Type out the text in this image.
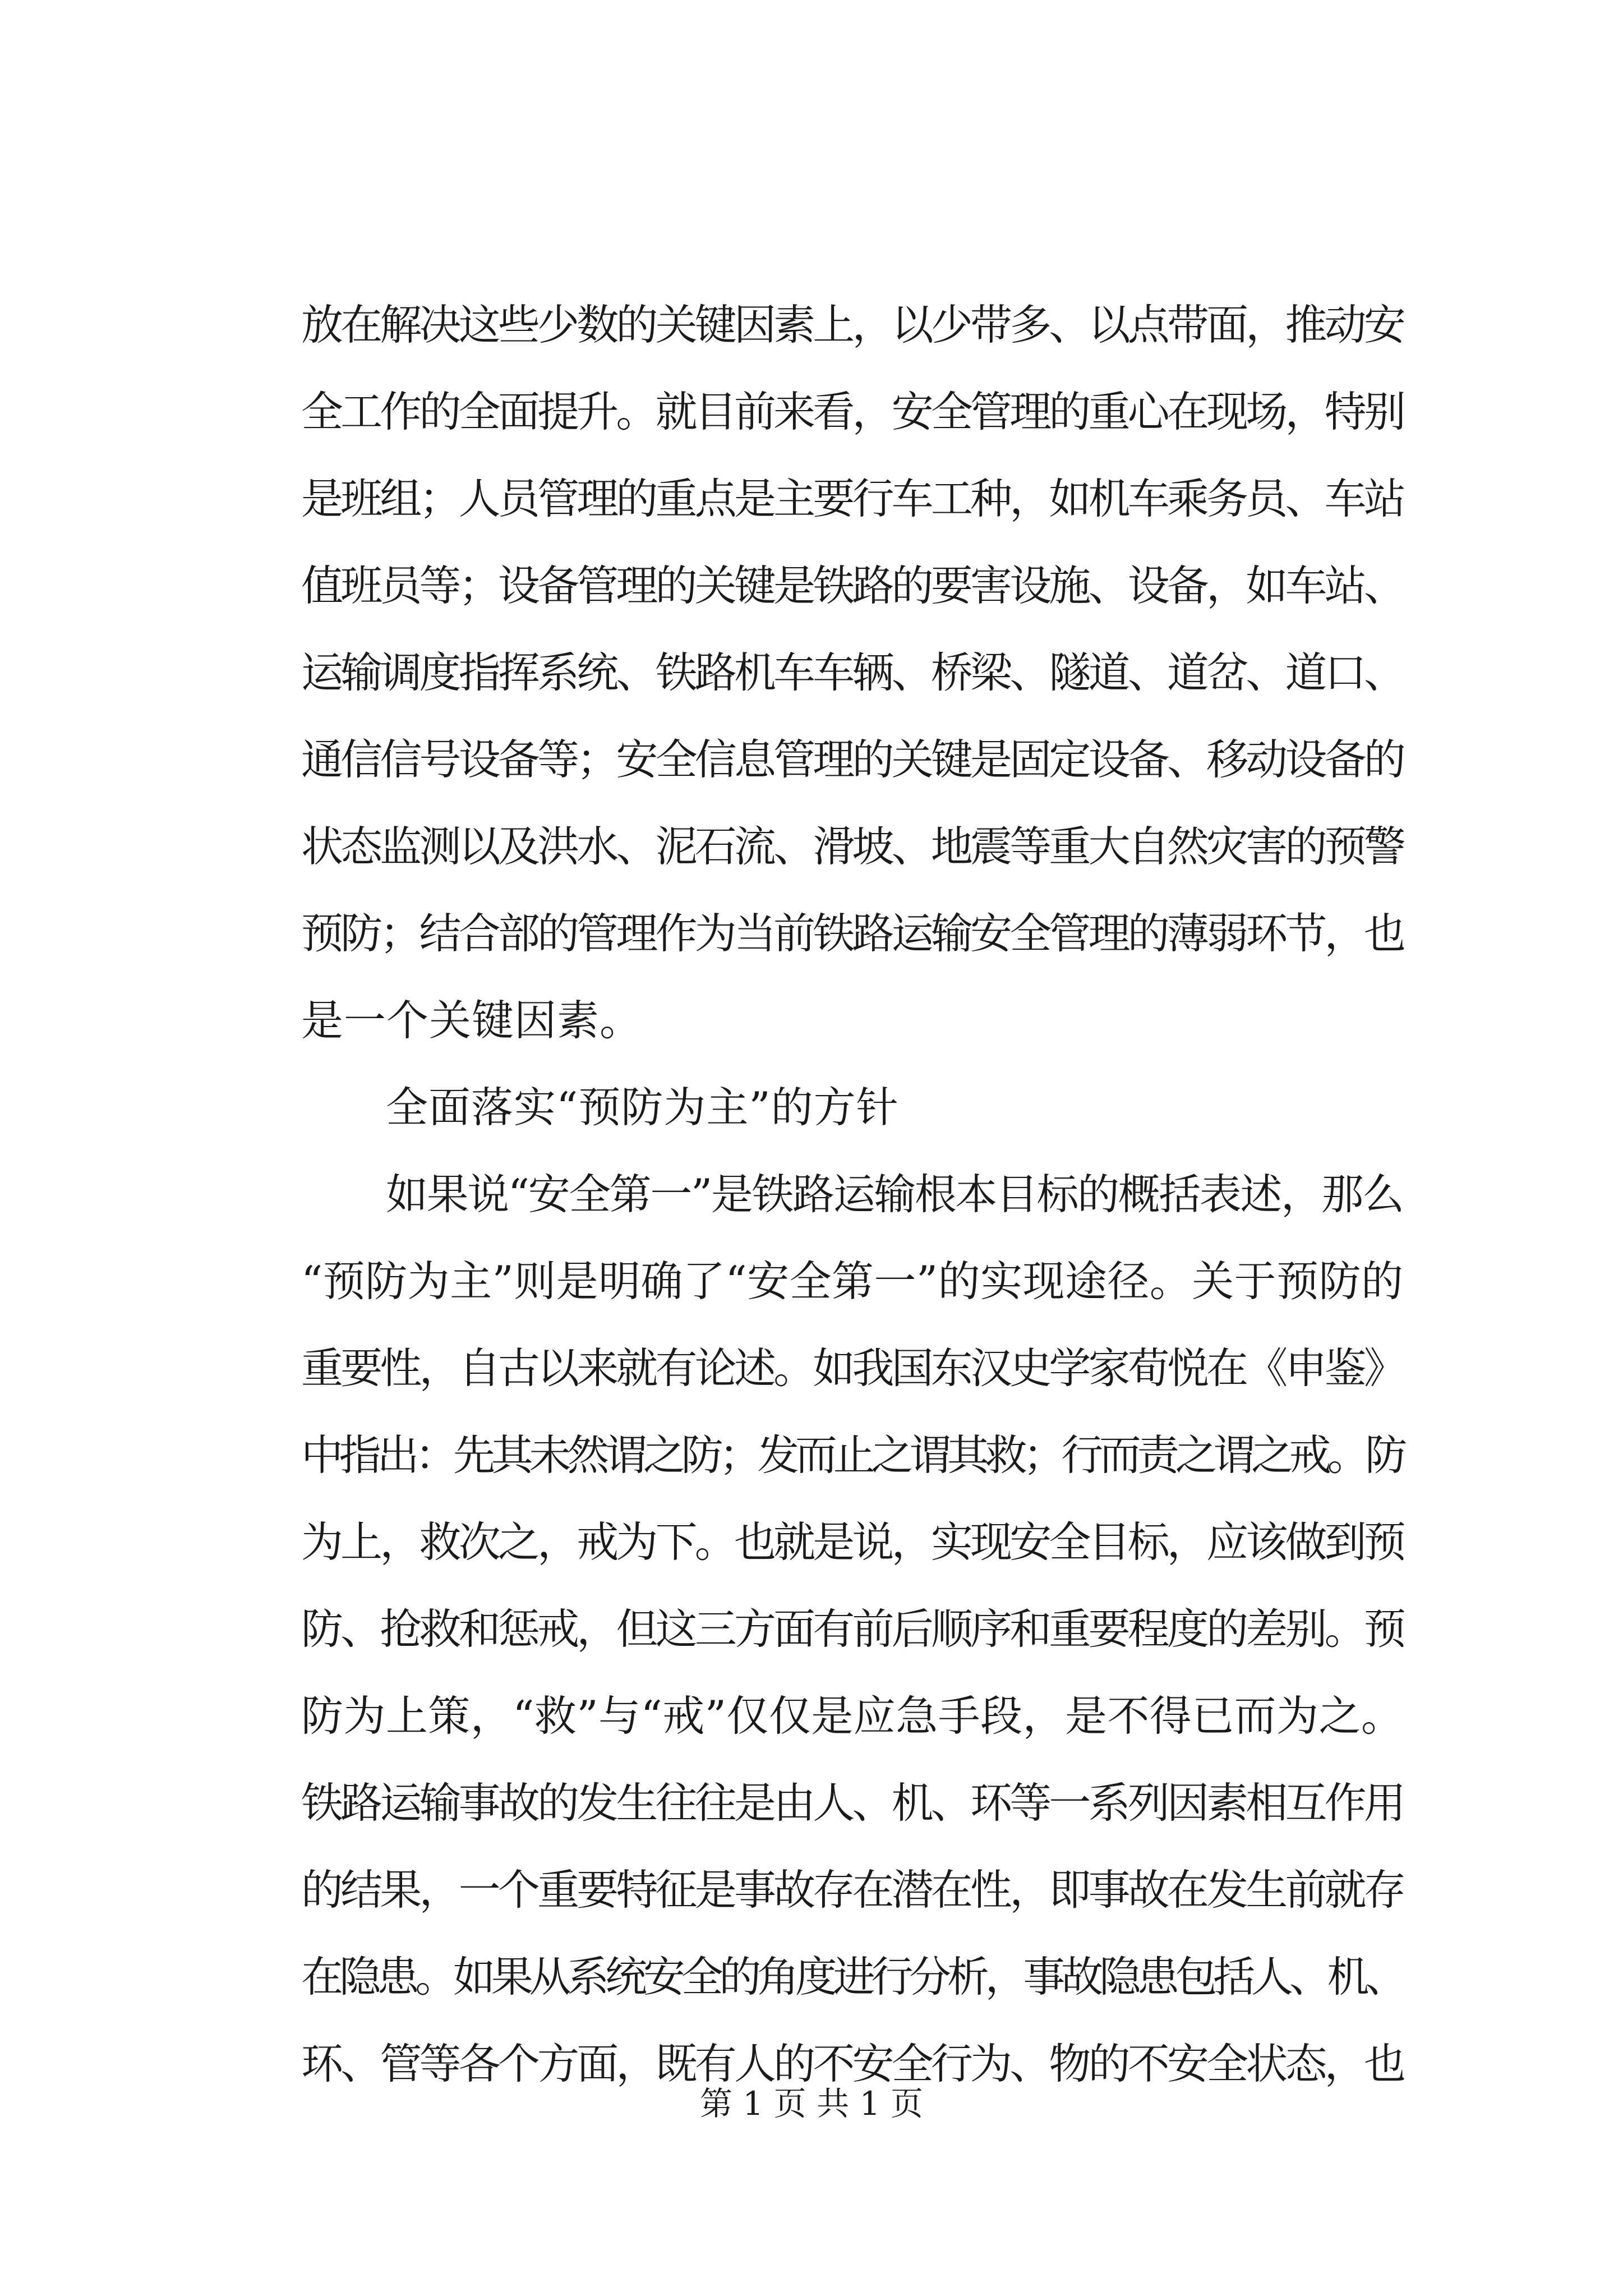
放在解决这些少数的关键因素上，以少带多、以点带面，推动安
全工作的全面提升。就目前来看，安全管理的重心在现场，特别
是班组；人员管理的重点是主要行车工种，如机车乘务员、车站
值班员等；设备管理的关键是铁路的要害设施、设备，如车站、
运输调度指挥系统、铁路机车车辆、桥梁、隧道、道岔、道口、
通信信号设备等；安全信息管理的关键是固定设备、移动设备的
状态监测以及洪水、泥石流、滑坡、地震等重大自然灾害的预警
预防；结合部的管理作为当前铁路运输安全管理的薄弱环节，也
是一个关键因素。
全面落实“预防为主”的方针
如果说“安全第一”是铁路运输根本目标的概括表述，那么
“预防为主”则是明确了“安全第一”的实现途径。关于预防的
重要性，自古以来就有论述。如我国东汉史学家荀悦在《申鉴》
中指出：先其未然谓之防；发而止之谓其救；行而责之谓之戒。防
为上，救次之，戒为下。也就是说，实现安全目标，应该做到预
防、抢救和惩戒，但这三方面有前后顺序和重要程度的差别。预
防为上策，“救”与“戒”仅仅是应急手段，是不得已而为之。
铁路运输事故的发生往往是由人、机、环等一系列因素相互作用
的结果，一个重要特征是事故存在潜在性，即事故在发生前就存
在隐患。如果从系统安全的角度进行分析，事故隐患包括人、机、
环、管等各个方面，既有人的不安全行为、物的不安全状态，也
第 1 页 共 1 页
